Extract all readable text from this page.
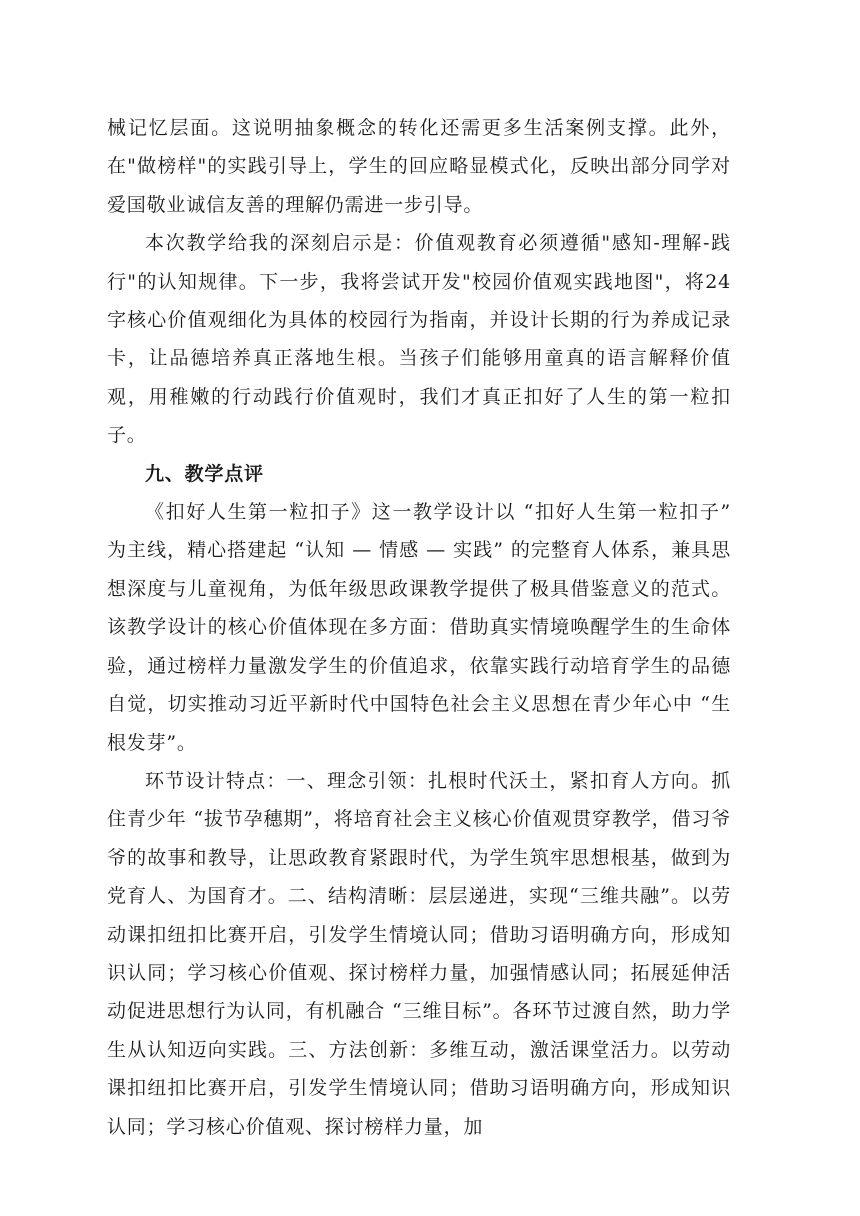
械记忆层面。这说明抽象概念的转化还需更多生活案例支撑。此外，在"做榜样"的实践引导上，学生的回应略显模式化，反映出部分同学对爱国敬业诚信友善的理解仍需进一步引导。

本次教学给我的深刻启示是：价值观教育必须遵循"感知-理解-践行"的认知规律。下一步，我将尝试开发"校园价值观实践地图"，将24字核心价值观细化为具体的校园行为指南，并设计长期的行为养成记录卡，让品德培养真正落地生根。当孩子们能够用童真的语言解释价值观，用稚嫩的行动践行价值观时，我们才真正扣好了人生的第一粒扣子。

九、教学点评

《扣好人生第一粒扣子》这一教学设计以 “扣好人生第一粒扣子” 为主线，精心搭建起 “认知 — 情感 — 实践” 的完整育人体系，兼具思想深度与儿童视角，为低年级思政课教学提供了极具借鉴意义的范式。该教学设计的核心价值体现在多方面：借助真实情境唤醒学生的生命体验，通过榜样力量激发学生的价值追求，依靠实践行动培育学生的品德自觉，切实推动习近平新时代中国特色社会主义思想在青少年心中 “生根发芽”。

环节设计特点：一、理念引领：扎根时代沃土，紧扣育人方向。抓住青少年 “拔节孕穗期”，将培育社会主义核心价值观贯穿教学，借习爷爷的故事和教导，让思政教育紧跟时代，为学生筑牢思想根基，做到为党育人、为国育才。二、结构清晰：层层递进，实现“三维共融”。以劳动课扣纽扣比赛开启，引发学生情境认同；借助习语明确方向，形成知识认同；学习核心价值观、探讨榜样力量，加强情感认同；拓展延伸活动促进思想行为认同，有机融合 “三维目标”。各环节过渡自然，助力学生从认知迈向实践。三、方法创新：多维互动，激活课堂活力。以劳动课扣纽扣比赛开启，引发学生情境认同；借助习语明确方向，形成知识认同；学习核心价值观、探讨榜样力量，加
